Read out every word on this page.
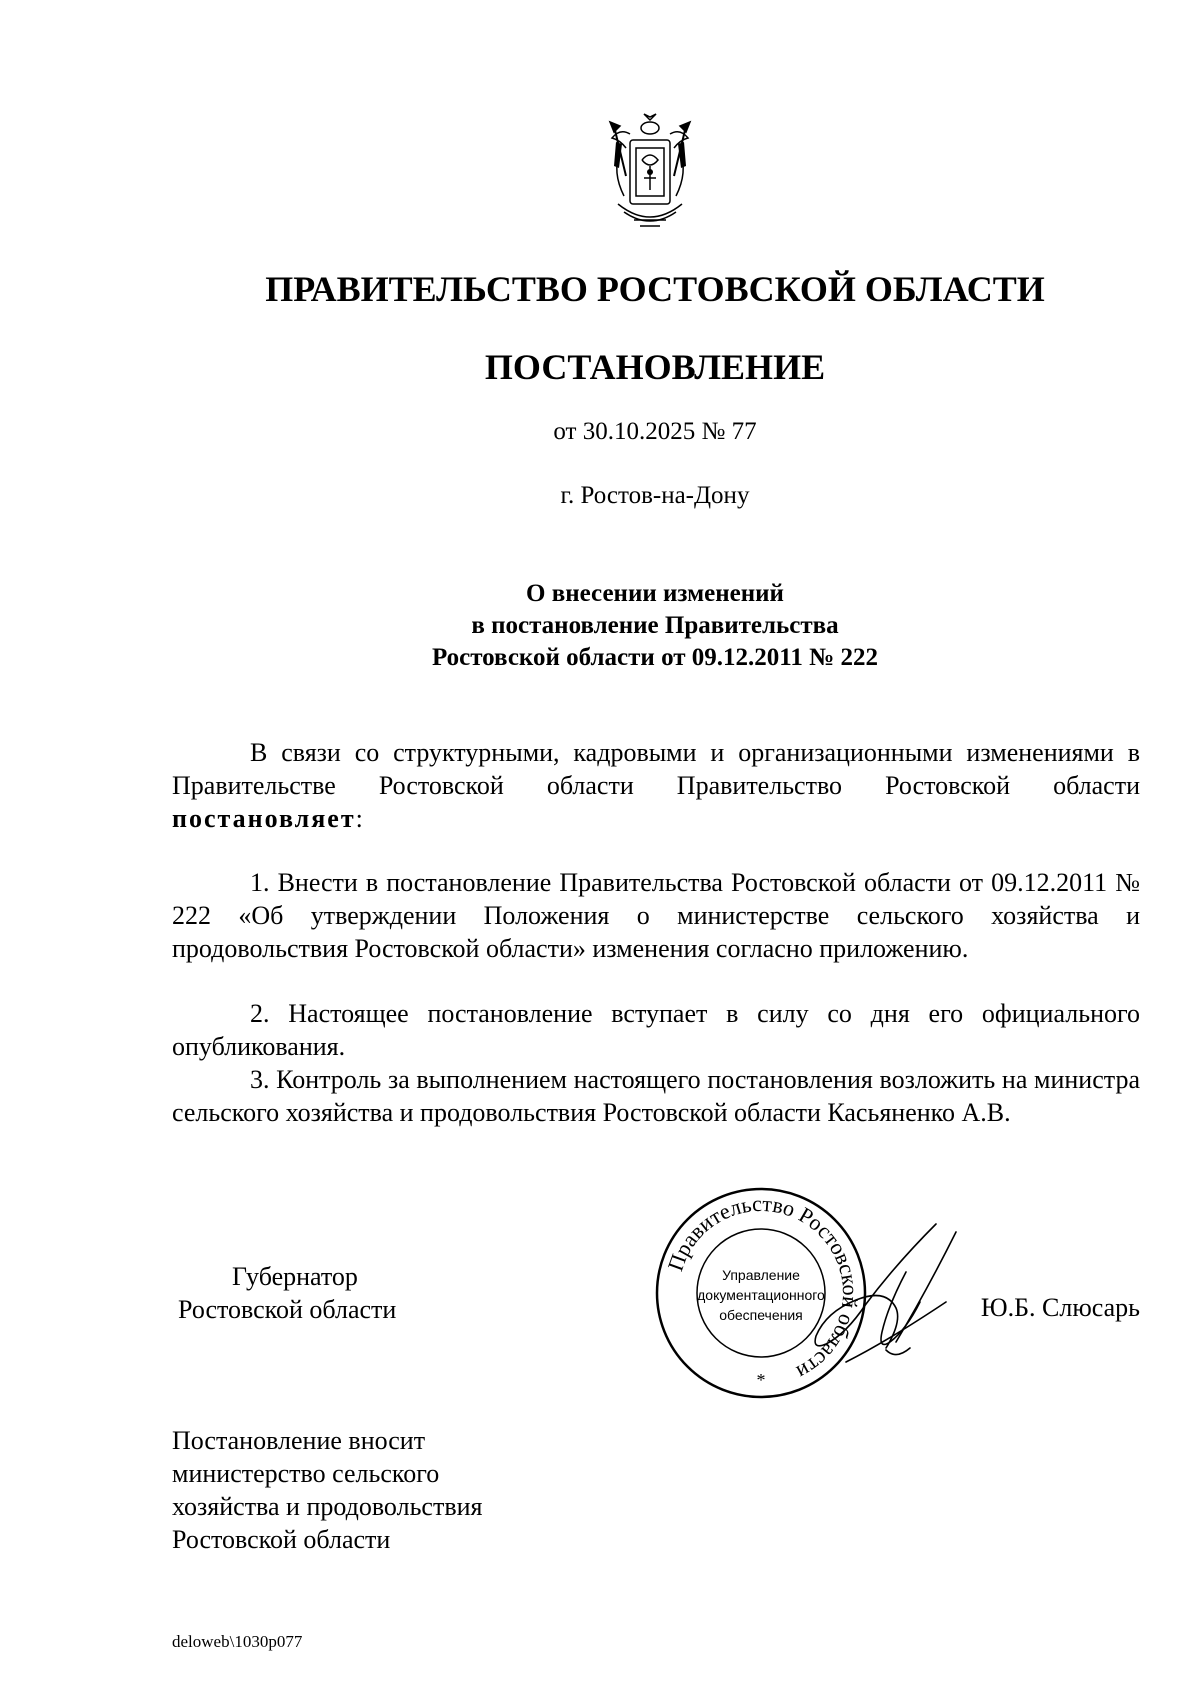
ПРАВИТЕЛЬСТВО РОСТОВСКОЙ ОБЛАСТИ
ПОСТАНОВЛЕНИЕ
от 30.10.2025 № 77
г. Ростов-на-Дону
О внесении изменений
в постановление Правительства
Ростовской области от 09.12.2011 № 222

В связи со структурными, кадровыми и организационными изменениями в Правительстве Ростовской области Правительство Ростовской области постановляет:

1. Внести в постановление Правительства Ростовской области от 09.12.2011 № 222 «Об утверждении Положения о министерстве сельского хозяйства и продовольствия Ростовской области» изменения согласно приложению.

2. Настоящее постановление вступает в силу со дня его официального опубликования.

3. Контроль за выполнением настоящего постановления возложить на министра сельского хозяйства и продовольствия Ростовской области Касьяненко А.В.

Губернатор
Ростовской области
Правительство Ростовской области
Управление
документационного
обеспечения
*
Ю.Б. Слюсарь
Постановление вносит
министерство сельского
хозяйства и продовольствия
Ростовской области
deloweb\1030p077
